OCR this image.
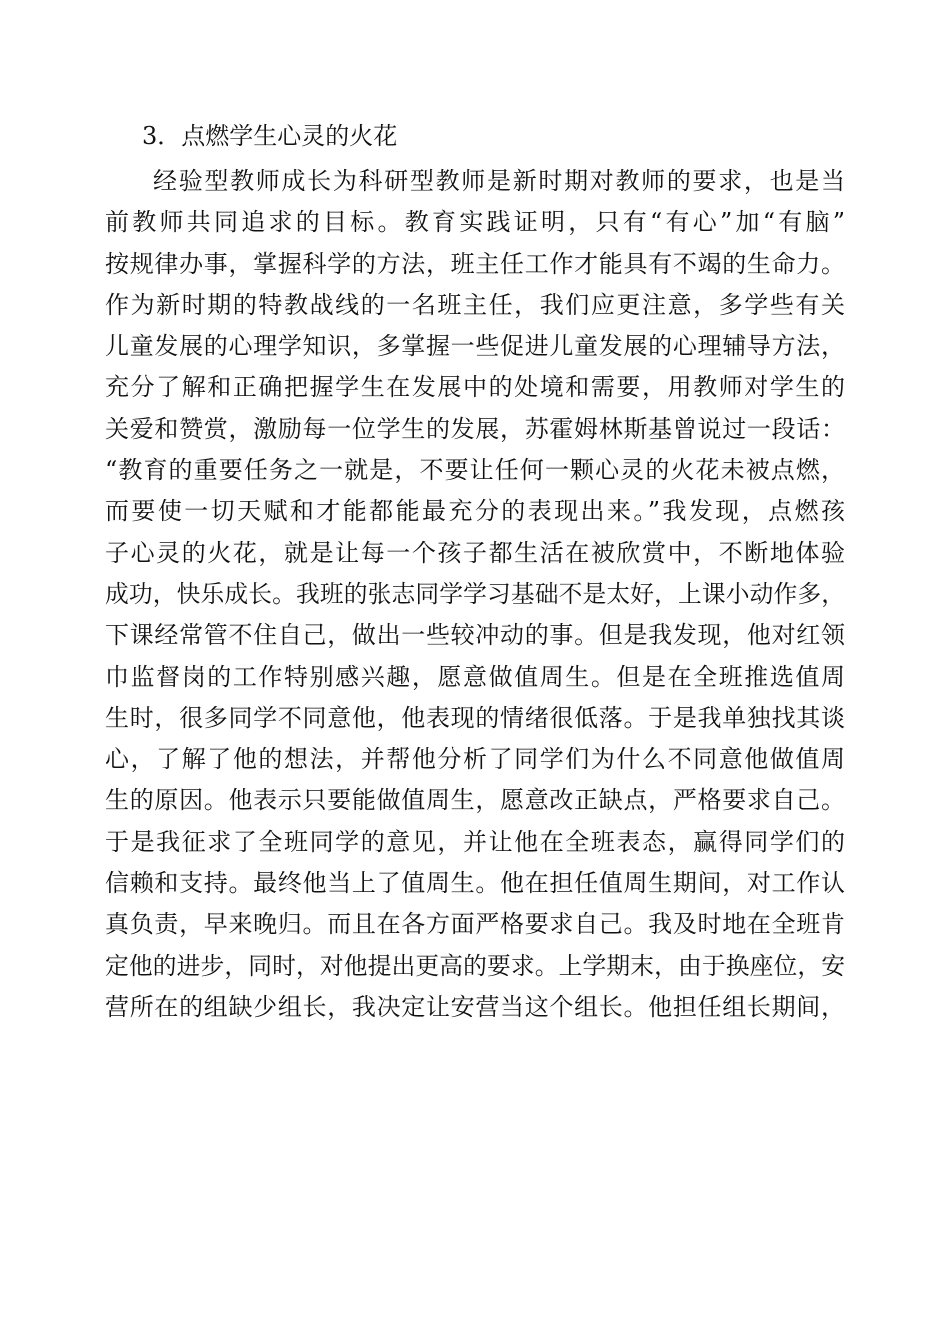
3．点燃学生心灵的火花
经验型教师成长为科研型教师是新时期对教师的要求，也是当
前教师共同追求的目标。教育实践证明，只有“有心”加“有脑”
按规律办事，掌握科学的方法，班主任工作才能具有不竭的生命力。
作为新时期的特教战线的一名班主任，我们应更注意，多学些有关
儿童发展的心理学知识，多掌握一些促进儿童发展的心理辅导方法，
充分了解和正确把握学生在发展中的处境和需要，用教师对学生的
关爱和赞赏，激励每一位学生的发展，苏霍姆林斯基曾说过一段话：
“教育的重要任务之一就是，不要让任何一颗心灵的火花未被点燃，
而要使一切天赋和才能都能最充分的表现出来。”我发现，点燃孩
子心灵的火花，就是让每一个孩子都生活在被欣赏中，不断地体验
成功，快乐成长。我班的张志同学学习基础不是太好，上课小动作多，
下课经常管不住自己，做出一些较冲动的事。但是我发现，他对红领
巾监督岗的工作特别感兴趣，愿意做值周生。但是在全班推选值周
生时，很多同学不同意他，他表现的情绪很低落。于是我单独找其谈
心，了解了他的想法，并帮他分析了同学们为什么不同意他做值周
生的原因。他表示只要能做值周生，愿意改正缺点，严格要求自己。
于是我征求了全班同学的意见，并让他在全班表态，赢得同学们的
信赖和支持。最终他当上了值周生。他在担任值周生期间，对工作认
真负责，早来晚归。而且在各方面严格要求自己。我及时地在全班肯
定他的进步，同时，对他提出更高的要求。上学期末，由于换座位，安
营所在的组缺少组长，我决定让安营当这个组长。他担任组长期间，
